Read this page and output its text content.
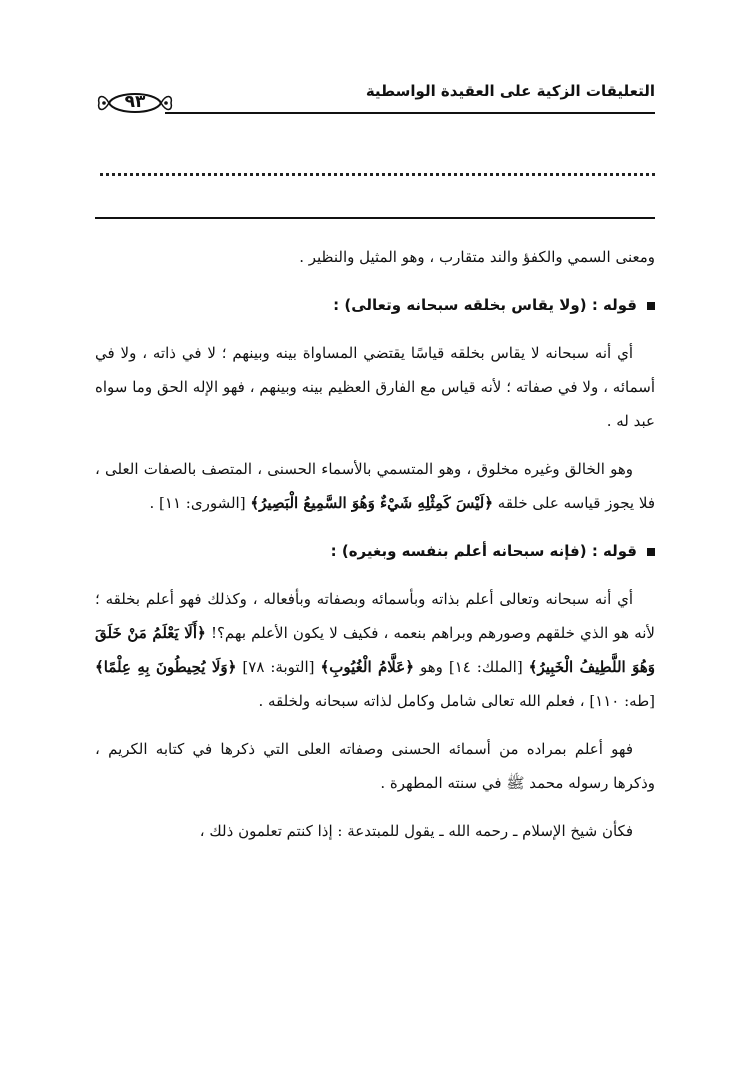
التعليقات الزكية على العقيدة الواسطية
٩٣

ومعنى السمي والكفؤ والند متقارب ، وهو المثيل والنظير .

قوله : (ولا يقاس بخلقه سبحانه وتعالى) :

أي أنه سبحانه لا يقاس بخلقه قياسًا يقتضي المساواة بينه وبينهم ؛ لا في ذاته ، ولا في أسمائه ، ولا في صفاته ؛ لأنه قياس مع الفارق العظيم بينه وبينهم ، فهو الإله الحق وما سواه عبد له .

وهو الخالق وغيره مخلوق ، وهو المتسمي بالأسماء الحسنى ، المتصف بالصفات العلى ، فلا يجوز قياسه على خلقه ﴿لَيْسَ كَمِثْلِهِ شَيْءٌ وَهُوَ السَّمِيعُ الْبَصِيرُ﴾ [الشورى: ١١] .

قوله : (فإنه سبحانه أعلم بنفسه وبغيره) :

أي أنه سبحانه وتعالى أعلم بذاته وبأسمائه وبصفاته وبأفعاله ، وكذلك فهو أعلم بخلقه ؛ لأنه هو الذي خلقهم وصورهم وبراهم بنعمه ، فكيف لا يكون الأعلم بهم؟! ﴿أَلَا يَعْلَمُ مَنْ خَلَقَ وَهُوَ اللَّطِيفُ الْخَبِيرُ﴾ [الملك: ١٤] وهو ﴿عَلَّامُ الْغُيُوبِ﴾ [التوبة: ٧٨] ﴿وَلَا يُحِيطُونَ بِهِ عِلْمًا﴾[طه: ١١٠] ، فعلم الله تعالى شامل وكامل لذاته سبحانه ولخلقه .

فهو أعلم بمراده من أسمائه الحسنى وصفاته العلى التي ذكرها في كتابه الكريم ، وذكرها رسوله محمد ﷺ في سنته المطهرة .

فكأن شيخ الإسلام ـ رحمه الله ـ يقول للمبتدعة : إذا كنتم تعلمون ذلك ،
